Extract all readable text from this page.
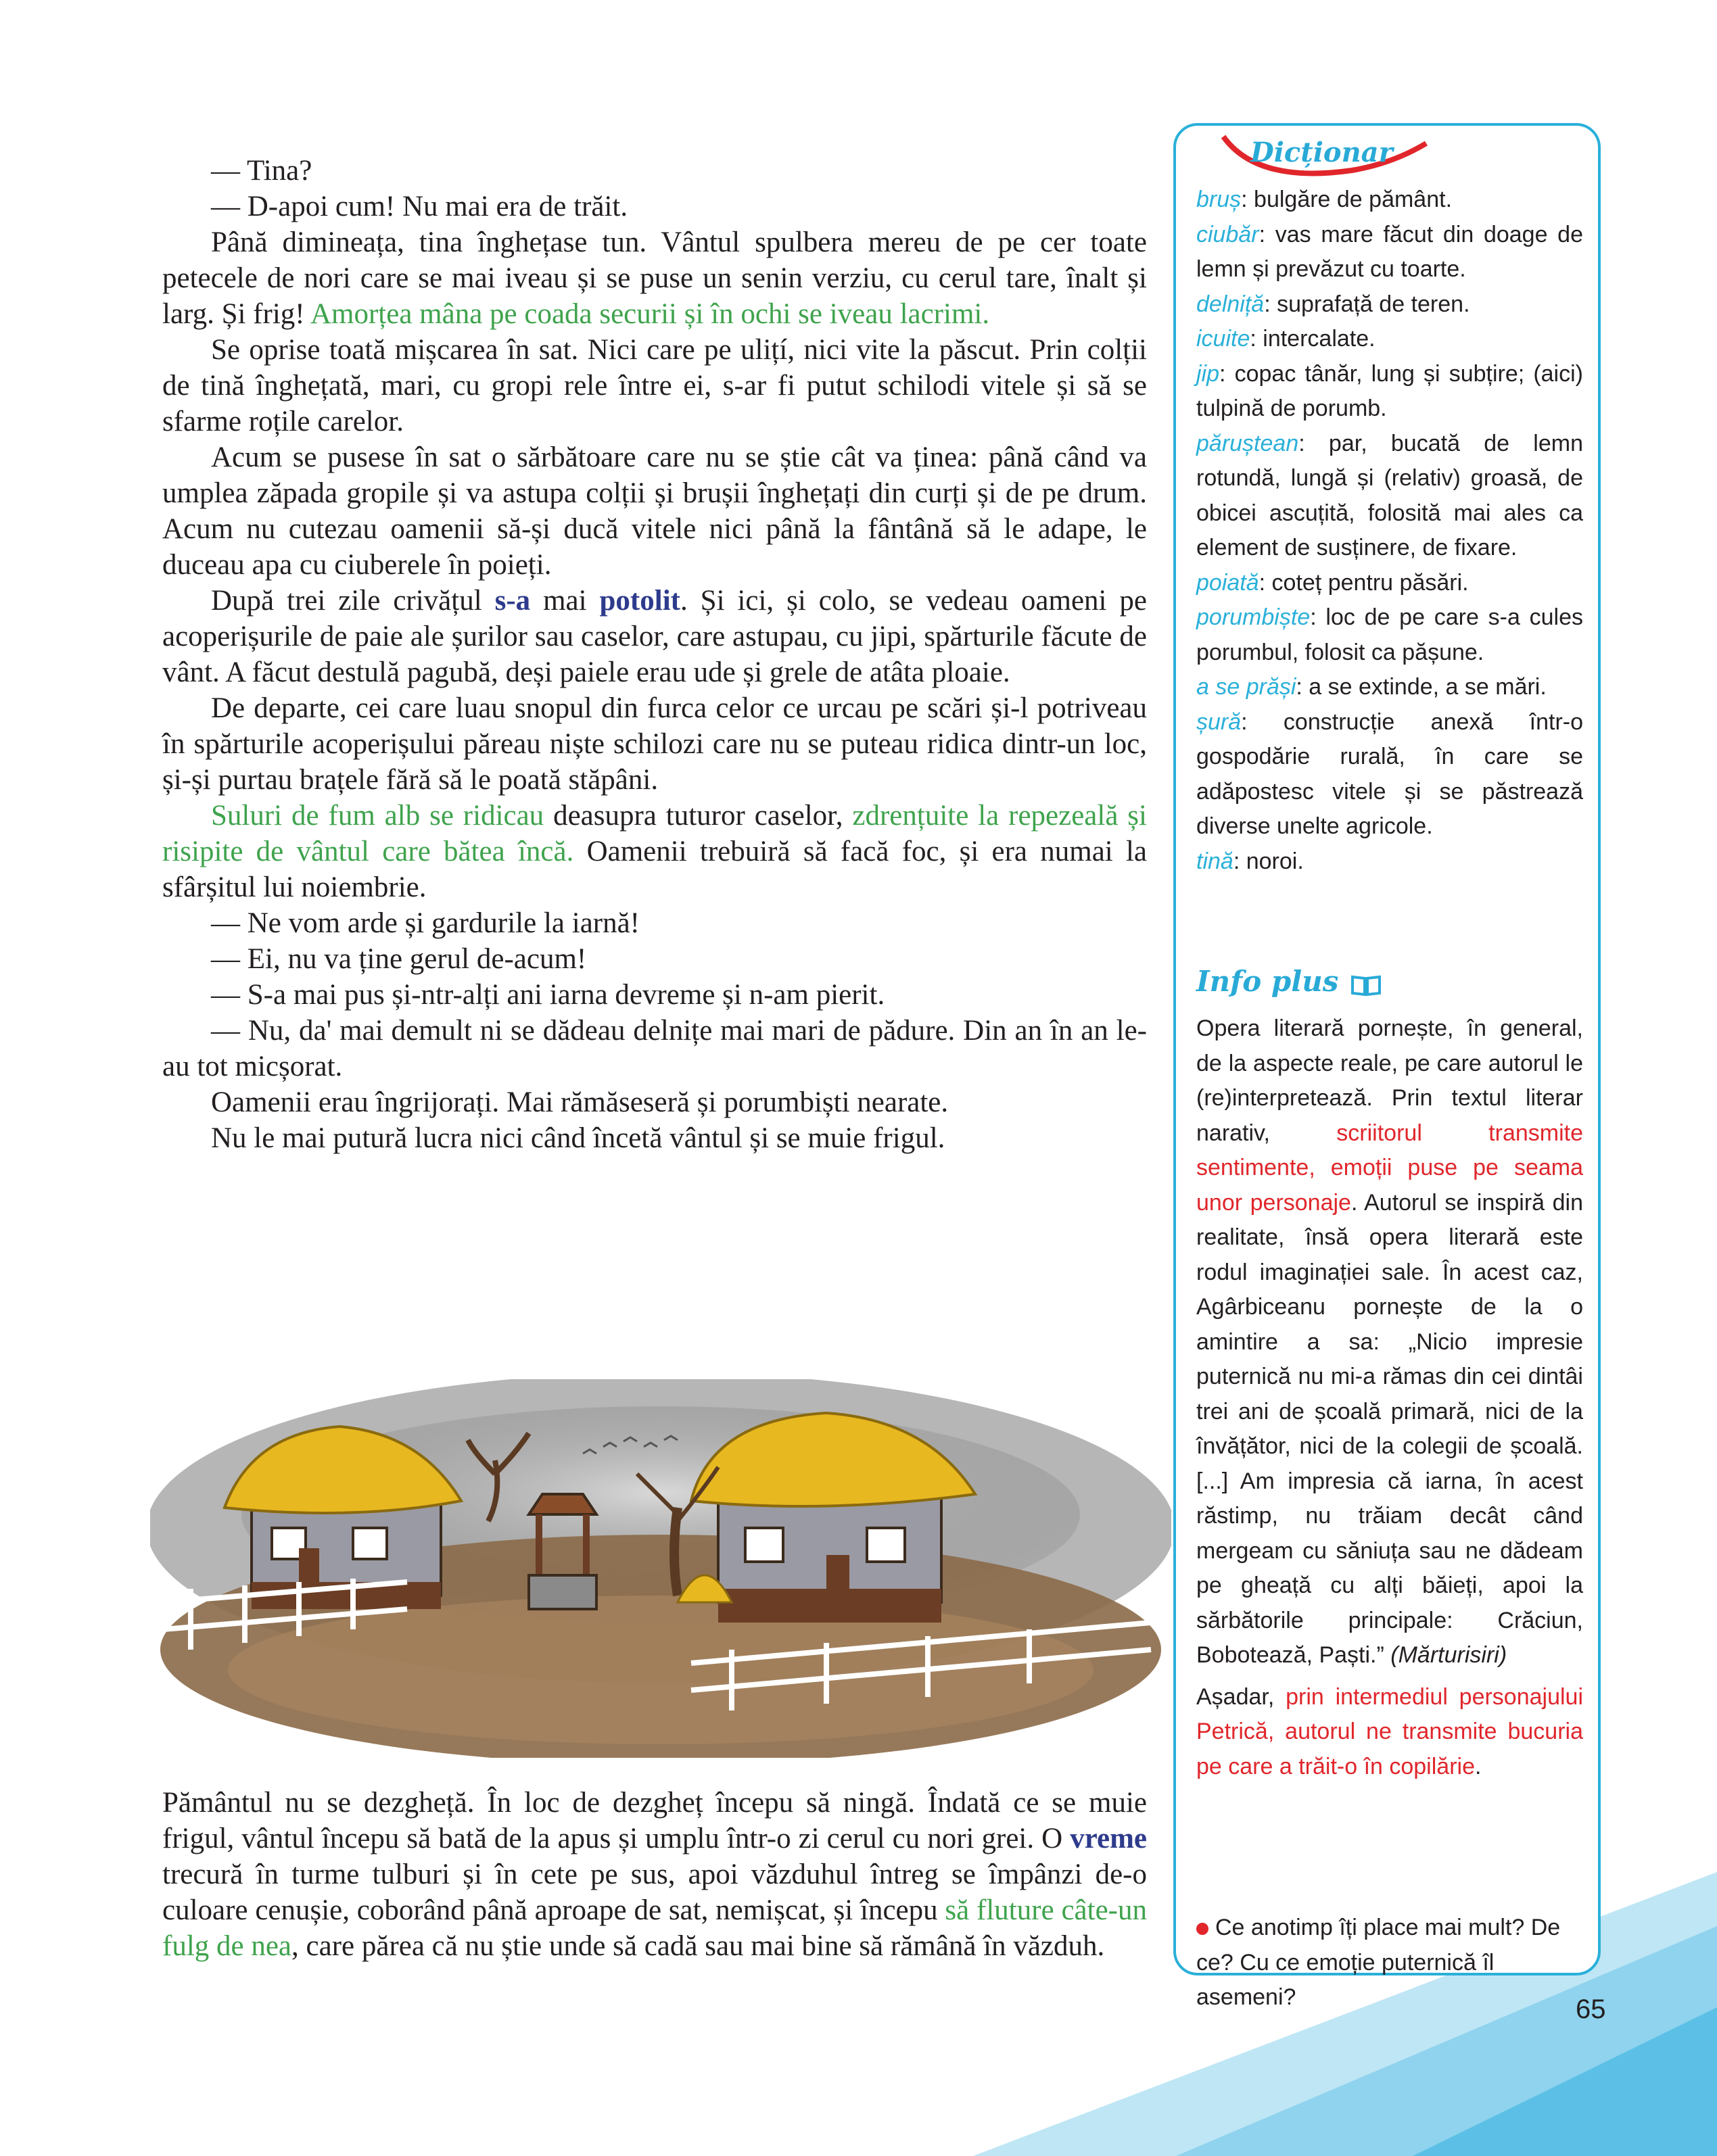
— Tina?

— D-apoi cum! Nu mai era de trăit.

Până dimineața, tina înghețase tun. Vântul spulbera mereu de pe cer toate petecele de nori care se mai iveau și se puse un senin verziu, cu cerul tare, înalt și larg. Și frig! Amorțea mâna pe coada securii și în ochi se iveau lacrimi.

Se oprise toată mișcarea în sat. Nici care pe ulițí, nici vite la păscut. Prin colții de tină înghețată, mari, cu gropi rele între ei, s-ar fi putut schilodi vitele și să se sfarme roțile carelor.

Acum se pusese în sat o sărbătoare care nu se știe cât va ținea: până când va umplea zăpada gropile și va astupa colții și brușii înghețați din curți și de pe drum. Acum nu cutezau oamenii să-și ducă vitele nici până la fântână să le adape, le duceau apa cu ciuberele în poieți.

După trei zile crivățul s-a mai potolit. Și ici, și colo, se vedeau oameni pe acoperișurile de paie ale șurilor sau caselor, care astupau, cu jipi, spărturile făcute de vânt. A făcut destulă pagubă, deși paiele erau ude și grele de atâta ploaie.

De departe, cei care luau snopul din furca celor ce urcau pe scări și-l potriveau în spărturile acoperișului păreau niște schilozi care nu se puteau ridica dintr-un loc, și-și purtau brațele fără să le poată stăpâni.

Suluri de fum alb se ridicau deasupra tuturor caselor, zdrențuite la repezeală și risipite de vântul care bătea încă. Oamenii trebuiră să facă foc, și era numai la sfârșitul lui noiembrie.

— Ne vom arde și gardurile la iarnă!

— Ei, nu va ține gerul de-acum!

— S-a mai pus și-ntr-alți ani iarna devreme și n-am pierit.

— Nu, da' mai demult ni se dădeau delnițe mai mari de pădure. Din an în an le-au tot micșorat.

Oamenii erau îngrijorați. Mai rămăseseră și porumbiști nearate.

Nu le mai putură lucra nici când încetă vântul și se muie frigul.

Pământul nu se dezgheță. În loc de dezgheț începu să ningă. Îndată ce se muie frigul, vântul începu să bată de la apus și umplu într-o zi cerul cu nori grei. O vreme trecură în turme tulburi și în cete pe sus, apoi văzduhul întreg se împânzi de-o culoare cenușie, coborând până aproape de sat, nemișcat, și începu să fluture câte-un fulg de nea, care părea că nu știe unde să cadă sau mai bine să rămână în văzduh.

Dicționar

bruș: bulgăre de pământ.

ciubăr: vas mare făcut din doage de lemn și prevăzut cu toarte.

delniță: suprafață de teren.

icuite: intercalate.

jip: copac tânăr, lung și subțire; (aici) tulpină de porumb.

păruștean: par, bucată de lemn rotundă, lungă și (relativ) groasă, de obicei ascuțită, folosită mai ales ca element de susținere, de fixare.

poiată: coteț pentru păsări.

porumbiște: loc de pe care s-a cules porumbul, folosit ca pășune.

a se prăși: a se extinde, a se mări.

șură: construcție anexă într-o gospodărie rurală, în care se adăpostesc vitele și se păstrează diverse unelte agricole.

tină: noroi.

Info plus

Opera literară pornește, în general, de la aspecte reale, pe care autorul le (re)interpretează. Prin textul literar narativ, scriitorul transmite sentimente, emoții puse pe seama unor personaje. Autorul se inspiră din realitate, însă opera literară este rodul imaginației sale. În acest caz, Agârbiceanu pornește de la o amintire a sa: „Nicio impresie puternică nu mi-a rămas din cei dintâi trei ani de școală primară, nici de la învățător, nici de la colegii de școală. [...] Am impresia că iarna, în acest răstimp, nu trăiam decât când mergeam cu săniuța sau ne dădeam pe gheață cu alți băieți, apoi la sărbătorile principale: Crăciun, Bobotează, Paști.” (Mărturisiri)

Așadar, prin intermediul personajului Petrică, autorul ne transmite bucuria pe care a trăit-o în copilărie.

Ce anotimp îți place mai mult? De ce? Cu ce emoție puternică îl asemeni?	65
